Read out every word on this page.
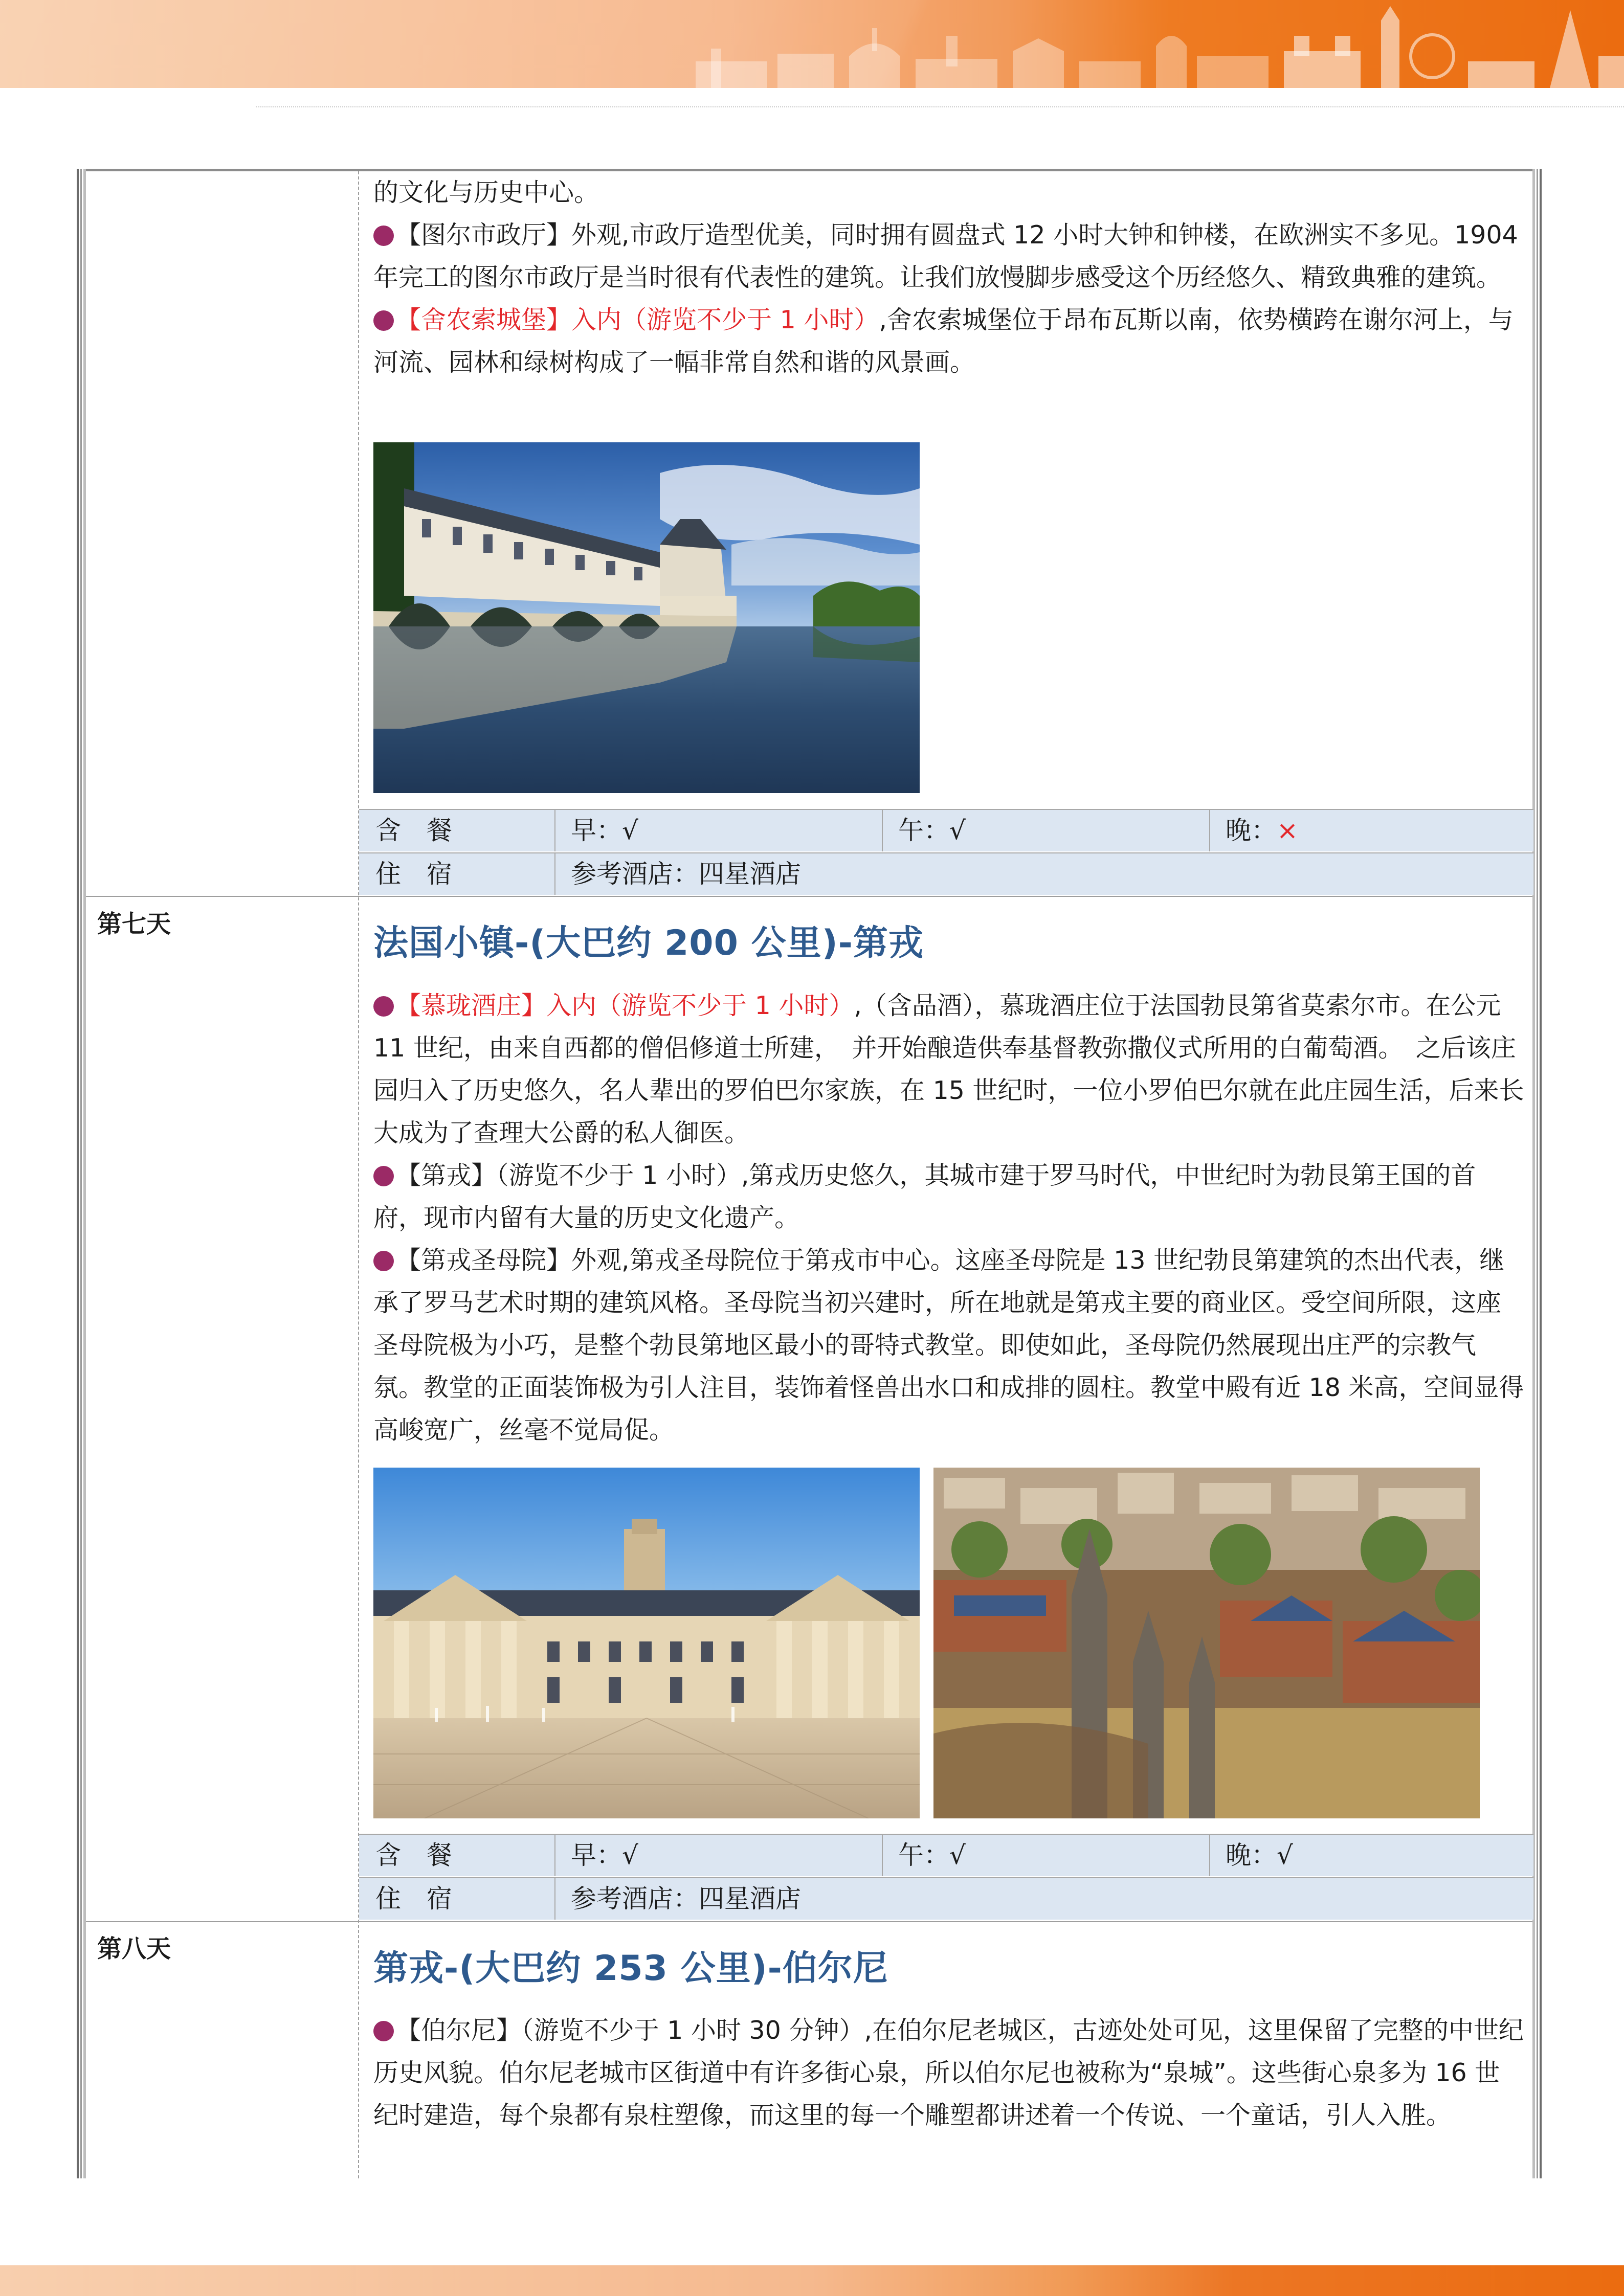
的文化与历史中心。
【图尔市政厅】外观,市政厅造型优美，同时拥有圆盘式 12 小时大钟和钟楼，在欧洲实不多见。1904 年完工的图尔市政厅是当时很有代表性的建筑。让我们放慢脚步感受这个历经悠久、精致典雅的建筑。
【舍农索城堡】入内（游览不少于 1 小时）,舍农索城堡位于昂布瓦斯以南，依势横跨在谢尔河上，与河流、园林和绿树构成了一幅非常自然和谐的风景画。
含　餐	早：√	午：√	晚：×
住　宿	参考酒店：四星酒店
第七天	法国小镇-(大巴约 200 公里)-第戎
【慕珑酒庄】入内（游览不少于 1 小时）,（含品酒），慕珑酒庄位于法国勃艮第省莫索尔市。在公元 11 世纪，由来自西都的僧侣修道士所建，　并开始酿造供奉基督教弥撒仪式所用的白葡萄酒。　之后该庄园归入了历史悠久，名人辈出的罗伯巴尔家族，在 15 世纪时，一位小罗伯巴尔就在此庄园生活，后来长大成为了查理大公爵的私人御医。
【第戎】（游览不少于 1 小时）,第戎历史悠久，其城市建于罗马时代，中世纪时为勃艮第王国的首府，现市内留有大量的历史文化遗产。
【第戎圣母院】外观,第戎圣母院位于第戎市中心。这座圣母院是 13 世纪勃艮第建筑的杰出代表，继承了罗马艺术时期的建筑风格。圣母院当初兴建时，所在地就是第戎主要的商业区。受空间所限，这座圣母院极为小巧，是整个勃艮第地区最小的哥特式教堂。即使如此，圣母院仍然展现出庄严的宗教气氛。教堂的正面装饰极为引人注目，装饰着怪兽出水口和成排的圆柱。教堂中殿有近 18 米高，空间显得高峻宽广，丝毫不觉局促。
含　餐	早：√	午：√	晚：√
住　宿	参考酒店：四星酒店
第八天	第戎-(大巴约 253 公里)-伯尔尼
【伯尔尼】（游览不少于 1 小时 30 分钟）,在伯尔尼老城区，古迹处处可见，这里保留了完整的中世纪历史风貌。伯尔尼老城市区街道中有许多街心泉，所以伯尔尼也被称为“泉城”。这些街心泉多为 16 世纪时建造，每个泉都有泉柱塑像，而这里的每一个雕塑都讲述着一个传说、一个童话，引人入胜。
